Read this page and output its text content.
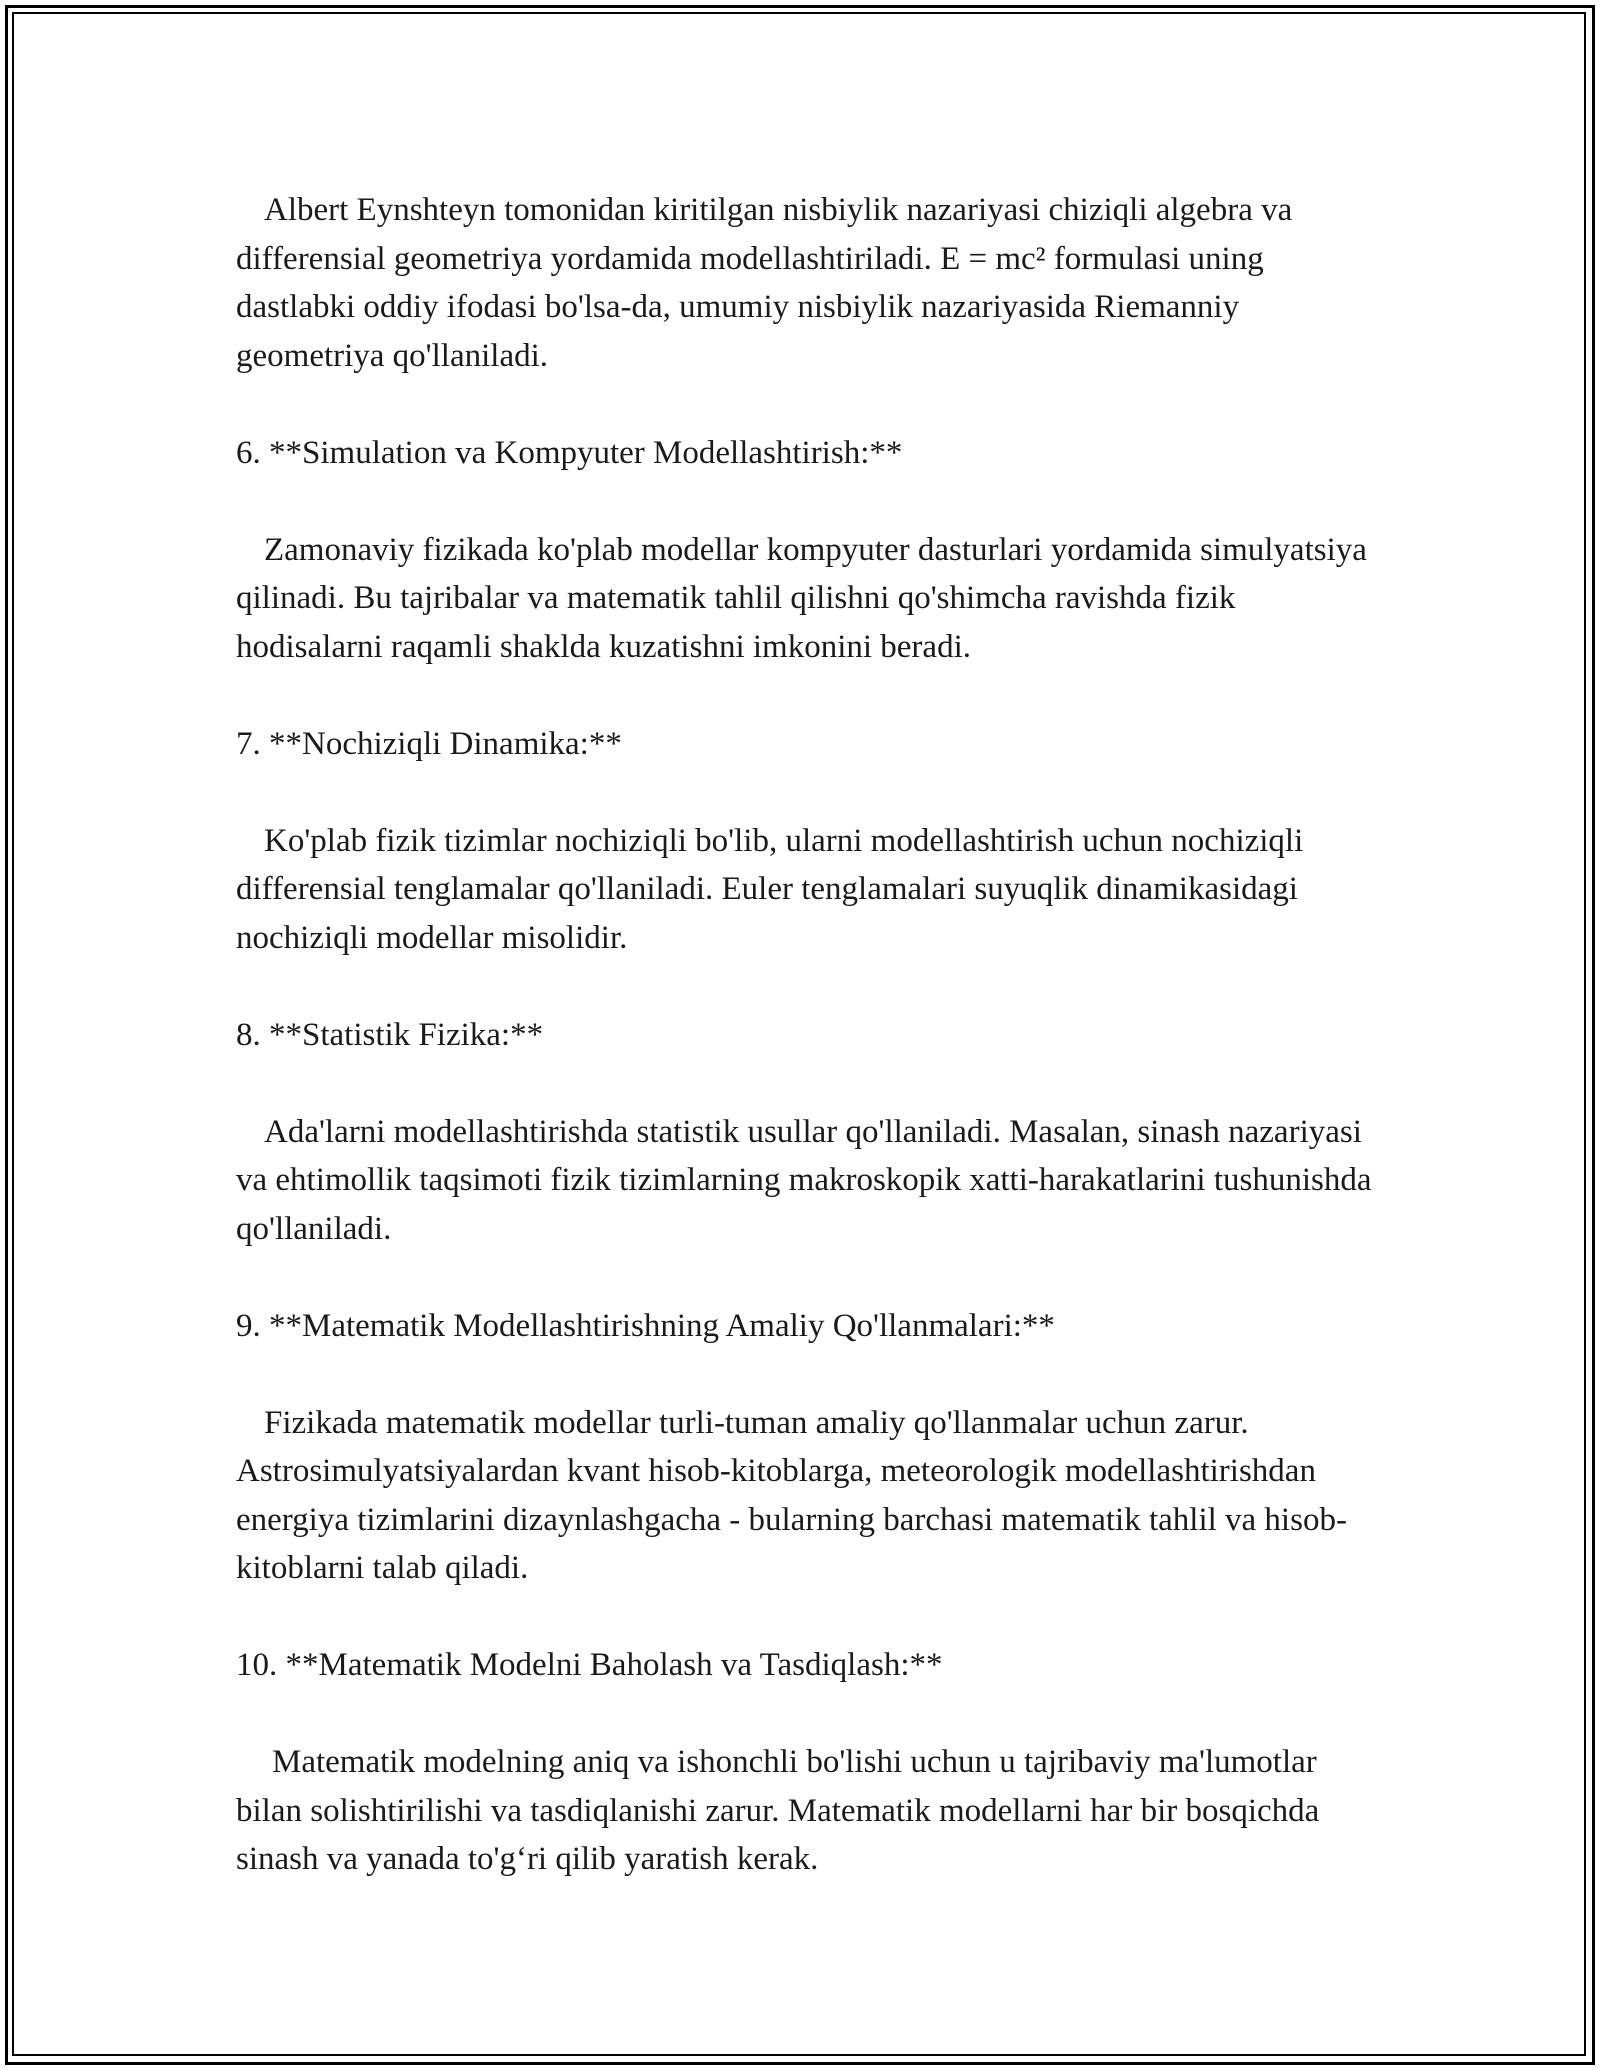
Albert Eynshteyn tomonidan kiritilgan nisbiylik nazariyasi chiziqli algebra va differensial geometriya yordamida modellashtiriladi. E = mc² formulasi uning dastlabki oddiy ifodasi bo'lsa-da, umumiy nisbiylik nazariyasida Riemanniy geometriya qo'llaniladi.

6. **Simulation va Kompyuter Modellashtirish:**

Zamonaviy fizikada ko'plab modellar kompyuter dasturlari yordamida simulyatsiya qilinadi. Bu tajribalar va matematik tahlil qilishni qo'shimcha ravishda fizik hodisalarni raqamli shaklda kuzatishni imkonini beradi.

7. **Nochiziqli Dinamika:**

Ko'plab fizik tizimlar nochiziqli bo'lib, ularni modellashtirish uchun nochiziqli differensial tenglamalar qo'llaniladi. Euler tenglamalari suyuqlik dinamikasidagi nochiziqli modellar misolidir.

8. **Statistik Fizika:**

Ada'larni modellashtirishda statistik usullar qo'llaniladi. Masalan, sinash nazariyasi va ehtimollik taqsimoti fizik tizimlarning makroskopik xatti-harakatlarini tushunishda qo'llaniladi.

9. **Matematik Modellashtirishning Amaliy Qo'llanmalari:**

Fizikada matematik modellar turli-tuman amaliy qo'llanmalar uchun zarur. Astrosimulyatsiyalardan kvant hisob-kitoblarga, meteorologik modellashtirishdan energiya tizimlarini dizaynlashgacha - bularning barchasi matematik tahlil va hisob-kitoblarni talab qiladi.

10. **Matematik Modelni Baholash va Tasdiqlash:**

Matematik modelning aniq va ishonchli bo'lishi uchun u tajribaviy ma'lumotlar bilan solishtirilishi va tasdiqlanishi zarur. Matematik modellarni har bir bosqichda sinash va yanada to'g‘ri qilib yaratish kerak.
